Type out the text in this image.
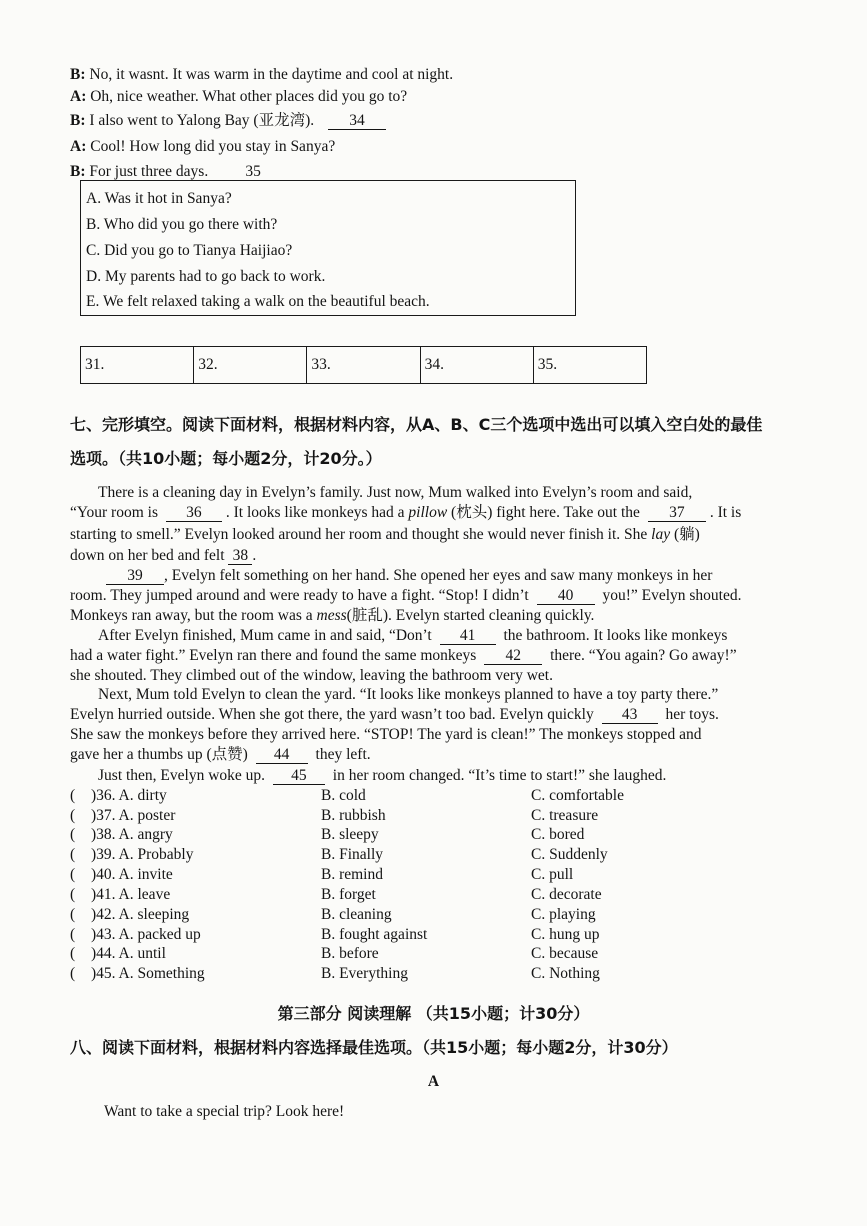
B: No, it wasnt. It was warm in the daytime and cool at night.
A: Oh, nice weather. What other places did you go to?
B: I also went to Yalong Bay (亚龙湾). 34
A: Cool! How long did you stay in Sanya?
B: For just three days. 35
A. Was it hot in Sanya?
B. Who did you go there with?
C. Did you go to Tianya Haijiao?
D. My parents had to go back to work.
E. We felt relaxed taking a walk on the beautiful beach.
31.	32.	33.	34.	35.
七、完形填空。阅读下面材料，根据材料内容，从A、B、C三个选项中选出可以填入空白处的最佳
选项。（共10小题；每小题2分，计20分。）
There is a cleaning day in Evelyn’s family. Just now, Mum walked into Evelyn’s room and said,
“Your room is 36 . It looks like monkeys had a pillow (枕头) fight here. Take out the 37 . It is
starting to smell.” Evelyn looked around her room and thought she would never finish it. She lay (躺)
down on her bed and felt 38 .
39 , Evelyn felt something on her hand. She opened her eyes and saw many monkeys in her
room. They jumped around and were ready to have a fight. “Stop! I didn’t 40 you!” Evelyn shouted.
Monkeys ran away, but the room was a mess(脏乱). Evelyn started cleaning quickly.
After Evelyn finished, Mum came in and said, “Don’t 41 the bathroom. It looks like monkeys
had a water fight.” Evelyn ran there and found the same monkeys 42 there. “You again? Go away!”
she shouted. They climbed out of the window, leaving the bathroom very wet.
Next, Mum told Evelyn to clean the yard. “It looks like monkeys planned to have a toy party there.”
Evelyn hurried outside. When she got there, the yard wasn’t too bad. Evelyn quickly 43 her toys.
She saw the monkeys before they arrived here. “STOP! The yard is clean!” The monkeys stopped and
gave her a thumbs up (点赞) 44 they left.
Just then, Evelyn woke up. 45 in her room changed. “It’s time to start!” she laughed.
( )36. A. dirty	B. cold	C. comfortable
( )37. A. poster	B. rubbish	C. treasure
( )38. A. angry	B. sleepy	C. bored
( )39. A. Probably	B. Finally	C. Suddenly
( )40. A. invite	B. remind	C. pull
( )41. A. leave	B. forget	C. decorate
( )42. A. sleeping	B. cleaning	C. playing
( )43. A. packed up	B. fought against	C. hung up
( )44. A. until	B. before	C. because
( )45. A. Something	B. Everything	C. Nothing
第三部分 阅读理解 （共15小题；计30分）
八、阅读下面材料，根据材料内容选择最佳选项。（共15小题；每小题2分，计30分）
A
Want to take a special trip? Look here!
